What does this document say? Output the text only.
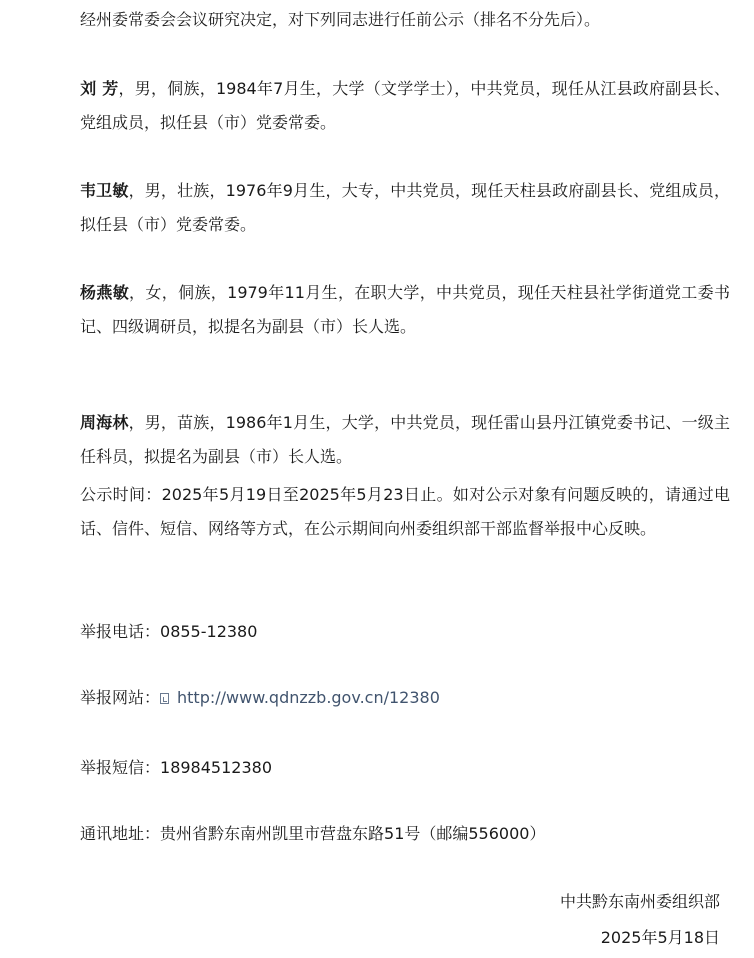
经州委常委会会议研究决定，对下列同志进行任前公示（排名不分先后）。
刘 芳，男，侗族，1984年7月生，大学（文学学士），中共党员，现任从江县政府副县长、党组成员，拟任县（市）党委常委。
韦卫敏，男，壮族，1976年9月生，大专，中共党员，现任天柱县政府副县长、党组成员，拟任县（市）党委常委。
杨燕敏，女，侗族，1979年11月生，在职大学，中共党员，现任天柱县社学街道党工委书记、四级调研员，拟提名为副县（市）长人选。
周海林，男，苗族，1986年1月生，大学，中共党员，现任雷山县丹江镇党委书记、一级主任科员，拟提名为副县（市）长人选。
公示时间：2025年5月19日至2025年5月23日止。如对公示对象有问题反映的，请通过电话、信件、短信、网络等方式，在公示期间向州委组织部干部监督举报中心反映。
举报电话：0855-12380
举报网站： http://www.qdnzzb.gov.cn/12380
举报短信：18984512380
通讯地址：贵州省黔东南州凯里市营盘东路51号（邮编556000）
中共黔东南州委组织部
2025年5月18日
